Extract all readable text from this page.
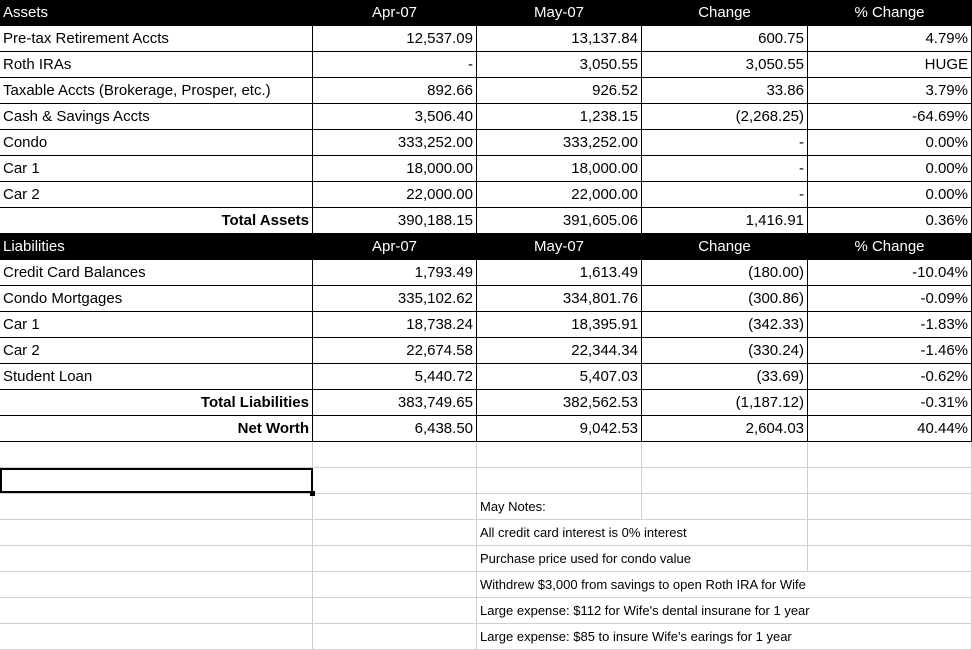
Assets	Apr-07	May-07	Change	% Change
Pre-tax Retirement Accts	12,537.09	13,137.84	600.75	4.79%
Roth IRAs	-	3,050.55	3,050.55	HUGE
Taxable Accts (Brokerage, Prosper, etc.)	892.66	926.52	33.86	3.79%
Cash & Savings Accts	3,506.40	1,238.15	(2,268.25)	-64.69%
Condo	333,252.00	333,252.00	-	0.00%
Car 1	18,000.00	18,000.00	-	0.00%
Car 2	22,000.00	22,000.00	-	0.00%
Total Assets	390,188.15	391,605.06	1,416.91	0.36%
Liabilities	Apr-07	May-07	Change	% Change
Credit Card Balances	1,793.49	1,613.49	(180.00)	-10.04%
Condo Mortgages	335,102.62	334,801.76	(300.86)	-0.09%
Car 1	18,738.24	18,395.91	(342.33)	-1.83%
Car 2	22,674.58	22,344.34	(330.24)	-1.46%
Student Loan	5,440.72	5,407.03	(33.69)	-0.62%
Total Liabilities	383,749.65	382,562.53	(1,187.12)	-0.31%
Net Worth	6,438.50	9,042.53	2,604.03	40.44%
May Notes:
All credit card interest is 0% interest
Purchase price used for condo value
Withdrew $3,000 from savings to open Roth IRA for Wife
Large expense: $112 for Wife's dental insurane for 1 year
Large expense: $85 to insure Wife's earings for 1 year
